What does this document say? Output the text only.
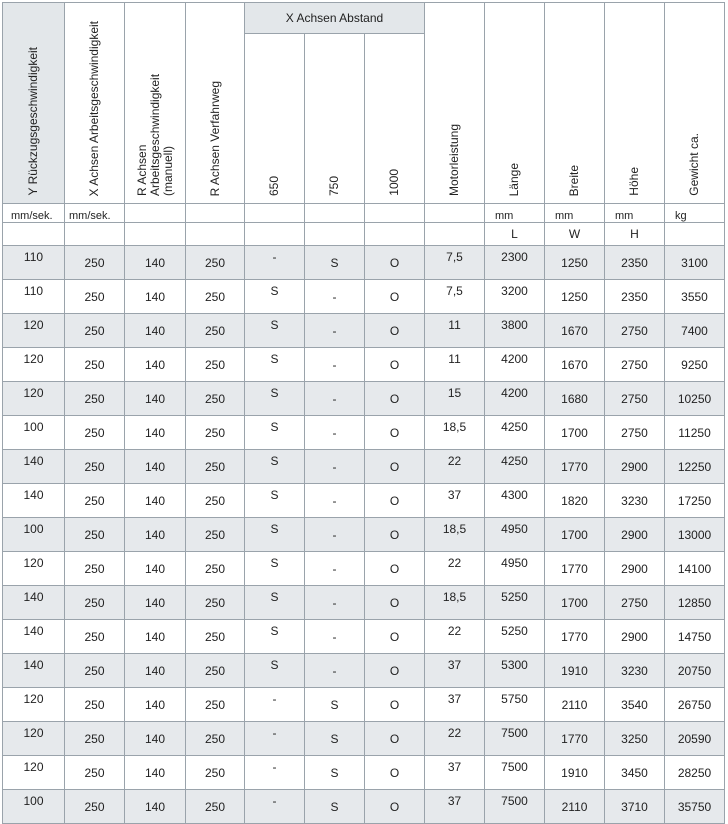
Y Rückzugsgeschwindigkeit	X Achsen Arbeitsgeschwindigkeit	R Achsen Arbeitsgeschwindigkeit (manuell)	R Achsen Verfahrweg	X Achsen Abstand			Motorleistung	Länge	Breite	Höhe	Gewicht ca.
				650	750	1000					
mm/sek.	mm/sek.							mm	mm	mm	kg
								L	W	H	
110	250	140	250	-	S	O	7,5	2300	1250	2350	3100
110	250	140	250	S	-	O	7,5	3200	1250	2350	3550
120	250	140	250	S	-	O	11	3800	1670	2750	7400
120	250	140	250	S	-	O	11	4200	1670	2750	9250
120	250	140	250	S	-	O	15	4200	1680	2750	10250
100	250	140	250	S	-	O	18,5	4250	1700	2750	11250
140	250	140	250	S	-	O	22	4250	1770	2900	12250
140	250	140	250	S	-	O	37	4300	1820	3230	17250
100	250	140	250	S	-	O	18,5	4950	1700	2900	13000
120	250	140	250	S	-	O	22	4950	1770	2900	14100
140	250	140	250	S	-	O	18,5	5250	1700	2750	12850
140	250	140	250	S	-	O	22	5250	1770	2900	14750
140	250	140	250	S	-	O	37	5300	1910	3230	20750
120	250	140	250	-	S	O	37	5750	2110	3540	26750
120	250	140	250	-	S	O	22	7500	1770	3250	20590
120	250	140	250	-	S	O	37	7500	1910	3450	28250
100	250	140	250	-	S	O	37	7500	2110	3710	35750
